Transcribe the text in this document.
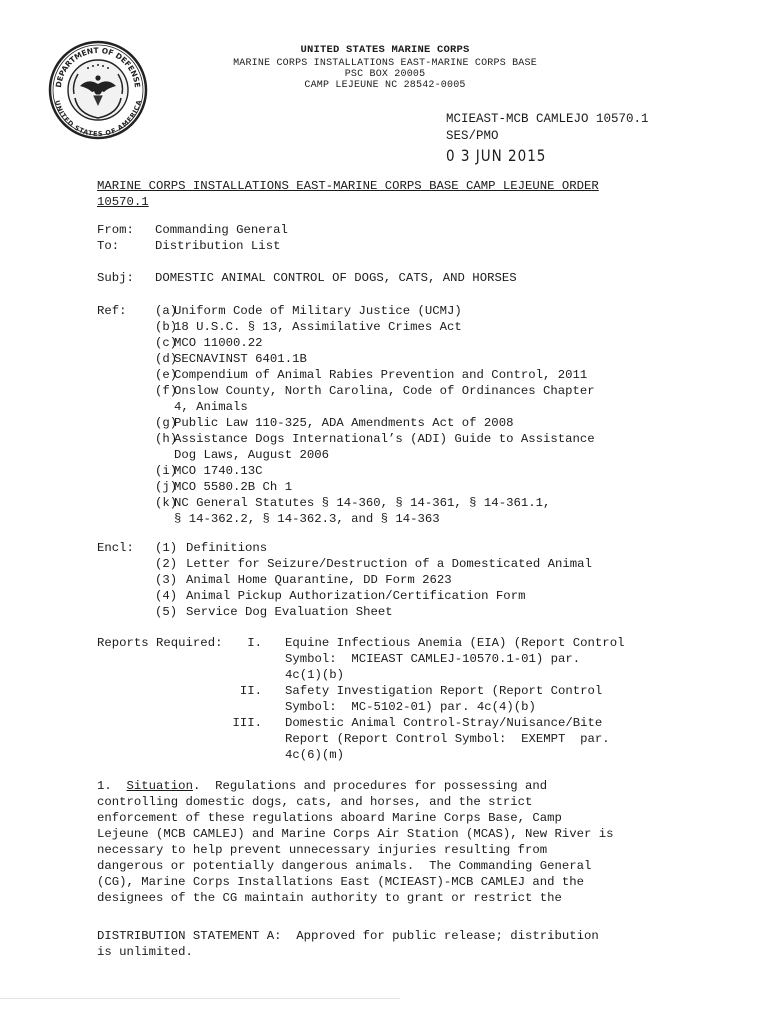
DEPARTMENT OF DEFENSE
UNITED STATES OF AMERICA
UNITED STATES MARINE CORPS
MARINE CORPS INSTALLATIONS EAST-MARINE CORPS BASE
PSC BOX 20005
CAMP LEJEUNE NC 28542-0005
MCIEAST-MCB CAMLEJO 10570.1
SES/PMO
0 3 JUN 2015
MARINE CORPS INSTALLATIONS EAST-MARINE CORPS BASE CAMP LEJEUNE ORDER
10570.1
From: Commanding General
To:	Distribution List
Subj: DOMESTIC ANIMAL CONTROL OF DOGS, CATS, AND HORSES
Ref: (a)
Uniform Code of Military Justice (UCMJ)
(b)
18 U.S.C. § 13, Assimilative Crimes Act
(c)
MCO 11000.22
(d)
SECNAVINST 6401.1B
(e)
Compendium of Animal Rabies Prevention and Control, 2011
(f)
Onslow County, North Carolina, Code of Ordinances Chapter
4, Animals
(g)
Public Law 110-325, ADA Amendments Act of 2008
(h)
Assistance Dogs International’s (ADI) Guide to Assistance
Dog Laws, August 2006
(i)
MCO 1740.13C
(j)
MCO 5580.2B Ch 1
(k)
NC General Statutes § 14-360, § 14-361, § 14-361.1,
§ 14-362.2, § 14-362.3, and § 14-363
Encl: (1) Definitions
(2) Letter for Seizure/Destruction of a Domesticated Animal
(3) Animal Home Quarantine, DD Form 2623
(4) Animal Pickup Authorization/Certification Form
(5) Service Dog Evaluation Sheet
Reports Required: I. Equine Infectious Anemia (EIA) (Report Control
Symbol:  MCIEAST CAMLEJ-10570.1-01) par.
4c(1)(b)
II. Safety Investigation Report (Report Control
Symbol:  MC-5102-01) par. 4c(4)(b)
III. Domestic Animal Control-Stray/Nuisance/Bite
Report (Report Control Symbol:  EXEMPT  par.
4c(6)(m)
1. Situation.  Regulations and procedures for possessing and
controlling domestic dogs, cats, and horses, and the strict
enforcement of these regulations aboard Marine Corps Base, Camp
Lejeune (MCB CAMLEJ) and Marine Corps Air Station (MCAS), New River is
necessary to help prevent unnecessary injuries resulting from
dangerous or potentially dangerous animals.  The Commanding General
(CG), Marine Corps Installations East (MCIEAST)-MCB CAMLEJ and the
designees of the CG maintain authority to grant or restrict the
DISTRIBUTION STATEMENT A:  Approved for public release; distribution
is unlimited.
